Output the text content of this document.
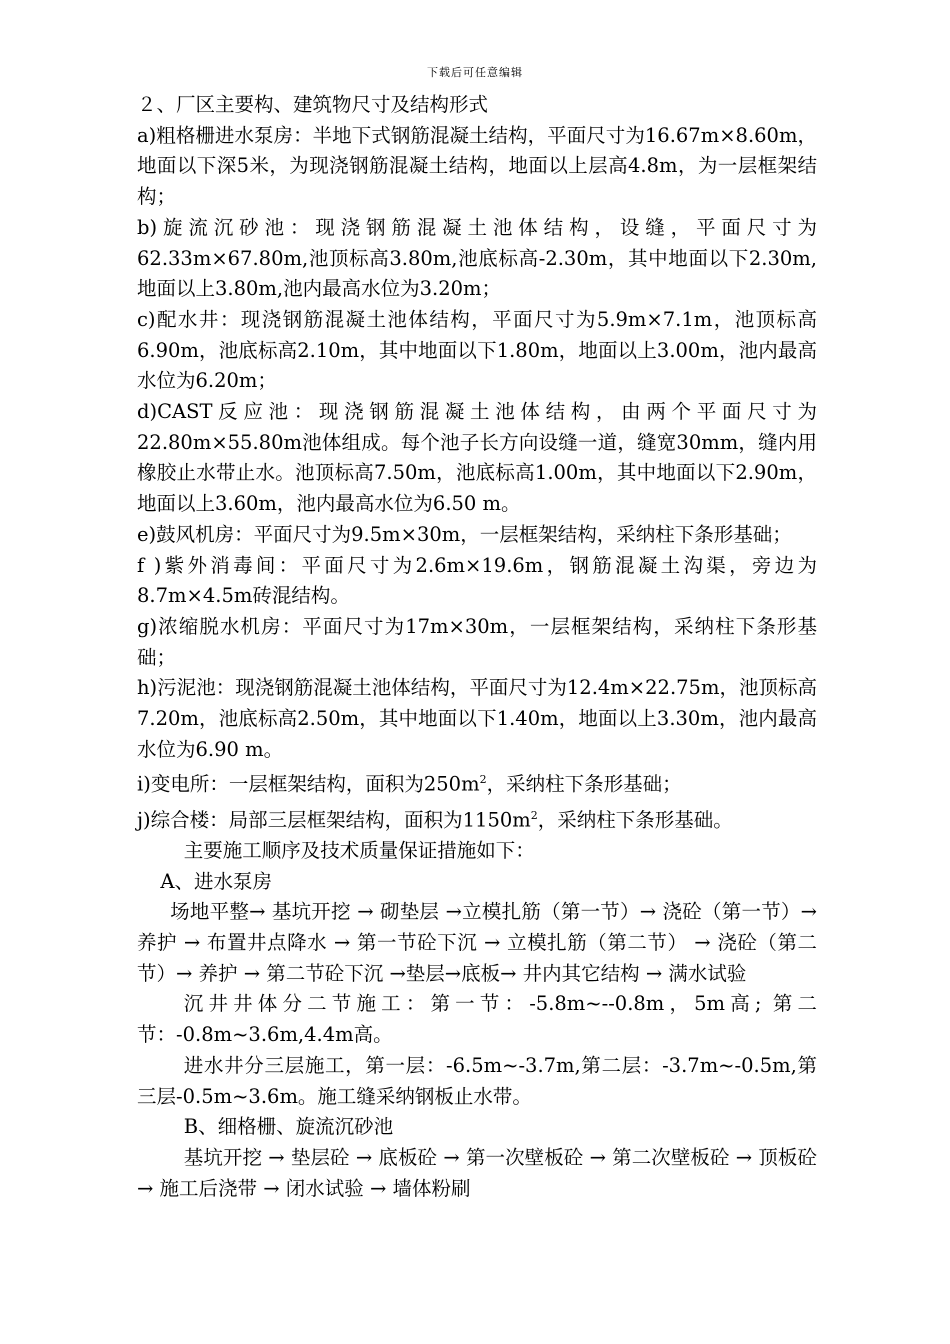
下载后可任意编辑

２、厂区主要构、建筑物尺寸及结构形式

a)粗格栅进水泵房：半地下式钢筋混凝土结构，平面尺寸为16.67m×8.60m，地面以下深5米，为现浇钢筋混凝土结构，地面以上层高4.8m，为一层框架结构；

b)旋流沉砂池：现浇钢筋混凝土池体结构，设缝，平面尺寸为62.33m×67.80m,池顶标高3.80m,池底标高-2.30m，其中地面以下2.30m,地面以上3.80m,池内最高水位为3.20m；

c)配水井：现浇钢筋混凝土池体结构，平面尺寸为5.9m×7.1m，池顶标高6.90m，池底标高2.10m，其中地面以下1.80m，地面以上3.00m，池内最高水位为6.20m；

d)CAST反应池：现浇钢筋混凝土池体结构，由两个平面尺寸为22.80m×55.80m池体组成。每个池子长方向设缝一道，缝宽30mm，缝内用橡胶止水带止水。池顶标高7.50m，池底标高1.00m，其中地面以下2.90m，地面以上3.60m，池内最高水位为6.50 m。

e)鼓风机房：平面尺寸为9.5m×30m，一层框架结构，采纳柱下条形基础；

f )紫外消毒间：平面尺寸为2.6m×19.6m，钢筋混凝土沟渠，旁边为8.7m×4.5m砖混结构。

g)浓缩脱水机房：平面尺寸为17m×30m，一层框架结构，采纳柱下条形基础；

h)污泥池：现浇钢筋混凝土池体结构，平面尺寸为12.4m×22.75m，池顶标高7.20m，池底标高2.50m，其中地面以下1.40m，地面以上3.30m，池内最高水位为6.90 m。

i)变电所：一层框架结构，面积为$250m^2$，采纳柱下条形基础；

j)综合楼：局部三层框架结构，面积为$1150m^2$，采纳柱下条形基础。

主要施工顺序及技术质量保证措施如下：

A、进水泵房

场地平整→ 基坑开挖 → 砌垫层 →立模扎筋（第一节）→ 浇砼（第一节）→ 养护 → 布置井点降水 → 第一节砼下沉 → 立模扎筋（第二节） → 浇砼（第二节）→ 养护 → 第二节砼下沉 →垫层→底板→ 井内其它结构 → 满水试验

沉井井体分二节施工：第一节：-5.8m~--0.8m，5m高; 第二节：-0.8m~3.6m,4.4m高。

进水井分三层施工，第一层：-6.5m~-3.7m,第二层：-3.7m~-0.5m,第三层-0.5m~3.6m。施工缝采纳钢板止水带。

B、细格栅、旋流沉砂池

基坑开挖 → 垫层砼 → 底板砼 → 第一次壁板砼 → 第二次壁板砼 → 顶板砼 → 施工后浇带 → 闭水试验 → 墙体粉刷
